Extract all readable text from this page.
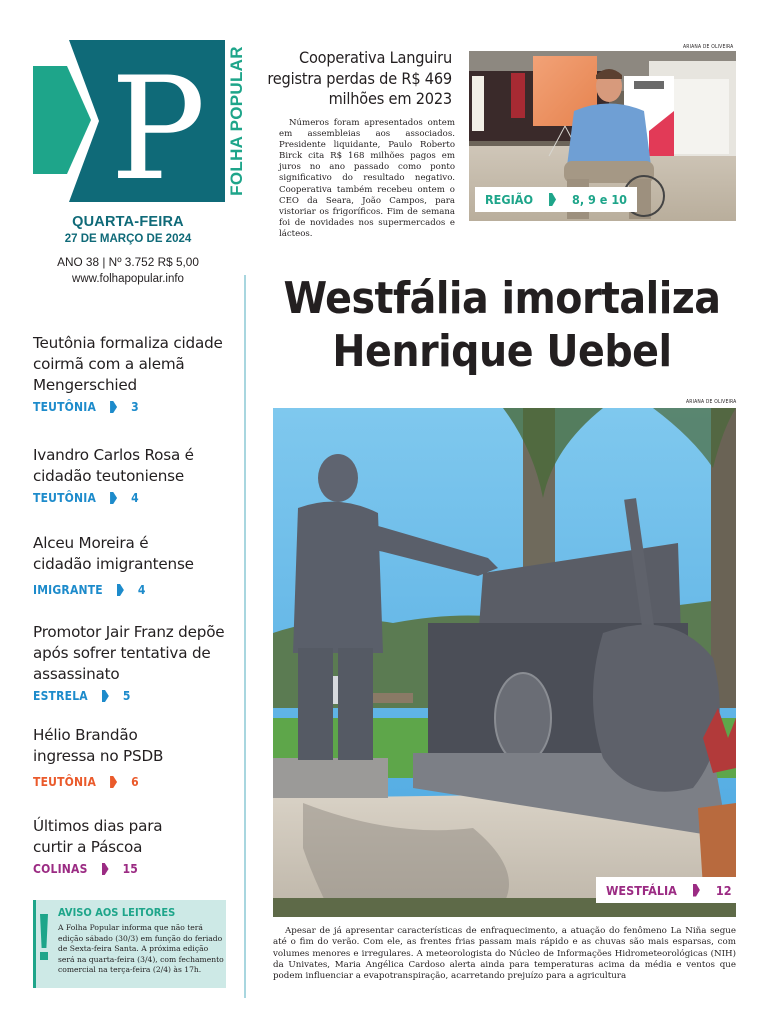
P FOLHA POPULAR
QUARTA-FEIRA
27 DE MARÇO DE 2024
ANO 38 | Nº 3.752 R$ 5,00
www.folhapopular.info
Teutônia formaliza cidade coirmã com a alemã Mengerschied
TEUTÔNIA	3
Ivandro Carlos Rosa é cidadão teutoniense
TEUTÔNIA	4
Alceu Moreira é cidadão imigrantense
IMIGRANTE	4
Promotor Jair Franz depõe após sofrer tentativa de assassinato
ESTRELA	5
Hélio Brandão ingressa no PSDB
TEUTÔNIA	6
Últimos dias para curtir a Páscoa
COLINAS	15
AVISO AOS LEITORES

A Folha Popular informa que não terá edição sábado (30/3) em função do feriado de Sexta-feira Santa. A próxima edição será na quarta-feira (3/4), com fechamento comercial na terça-feira (2/4) às 17h.

Cooperativa Languiru registra perdas de R$ 469 milhões em 2023
Números foram apresentados ontem em assembleias aos associados. Presidente liquidante, Paulo Roberto Birck cita R$ 168 milhões pagos em juros no ano passado como ponto significativo do resultado negativo. Cooperativa também recebeu ontem o CEO da Seara, João Campos, para vistoriar os frigoríficos. Fim de semana foi de novidades nos supermercados e lácteos.
ARIANA DE OLIVEIRA
REGIÃO	8, 9 e 10
Westfália imortaliza
Henrique Uebel
ARIANA DE OLIVEIRA
WESTFÁLIA	12
Apesar de já apresentar características de enfraquecimento, a atuação do fenômeno La Niña segue até o fim do verão. Com ele, as frentes frias passam mais rápido e as chuvas são mais esparsas, com volumes menores e irregulares. A meteorologista do Núcleo de Informações Hidrometeorológicas (NIH) da Univates, Maria Angélica Cardoso alerta ainda para temperaturas acima da média e ventos que podem influenciar a evapotranspiração, acarretando prejuízo para a agricultura
